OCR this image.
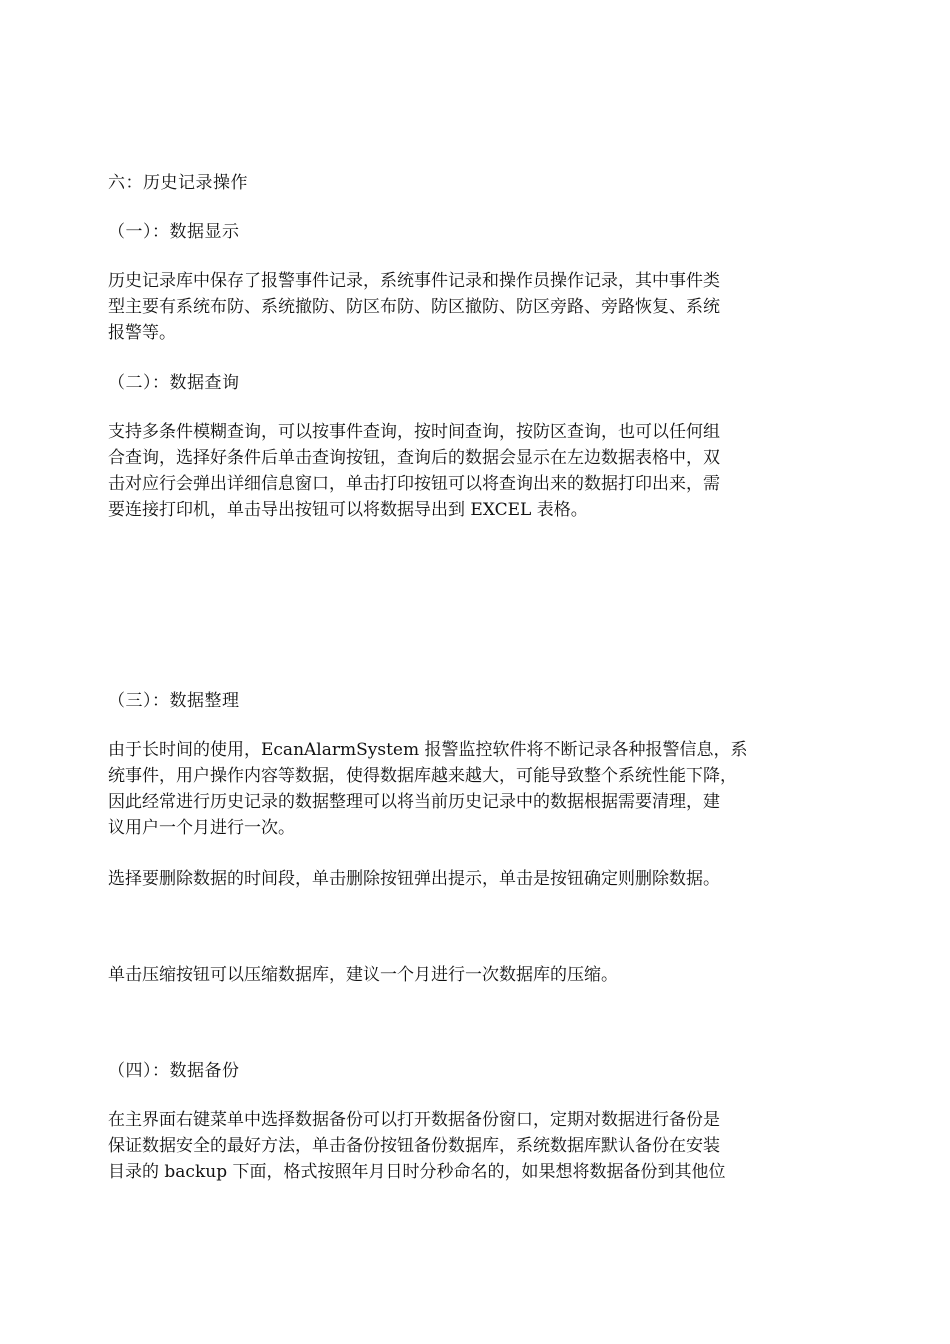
六：历史记录操作

（一）：数据显示

历史记录库中保存了报警事件记录，系统事件记录和操作员操作记录，其中事件类
型主要有系统布防、系统撤防、防区布防、防区撤防、防区旁路、旁路恢复、系统
报警等。

（二）：数据查询

支持多条件模糊查询，可以按事件查询，按时间查询，按防区查询，也可以任何组
合查询，选择好条件后单击查询按钮，查询后的数据会显示在左边数据表格中，双
击对应行会弹出详细信息窗口，单击打印按钮可以将查询出来的数据打印出来，需
要连接打印机，单击导出按钮可以将数据导出到 EXCEL 表格。

（三）：数据整理

由于长时间的使用，EcanAlarmSystem 报警监控软件将不断记录各种报警信息，系
统事件，用户操作内容等数据，使得数据库越来越大，可能导致整个系统性能下降，
因此经常进行历史记录的数据整理可以将当前历史记录中的数据根据需要清理，建
议用户一个月进行一次。

选择要删除数据的时间段，单击删除按钮弹出提示，单击是按钮确定则删除数据。

单击压缩按钮可以压缩数据库，建议一个月进行一次数据库的压缩。

（四）：数据备份

在主界面右键菜单中选择数据备份可以打开数据备份窗口，定期对数据进行备份是
保证数据安全的最好方法，单击备份按钮备份数据库，系统数据库默认备份在安装
目录的 backup 下面，格式按照年月日时分秒命名的，如果想将数据备份到其他位
